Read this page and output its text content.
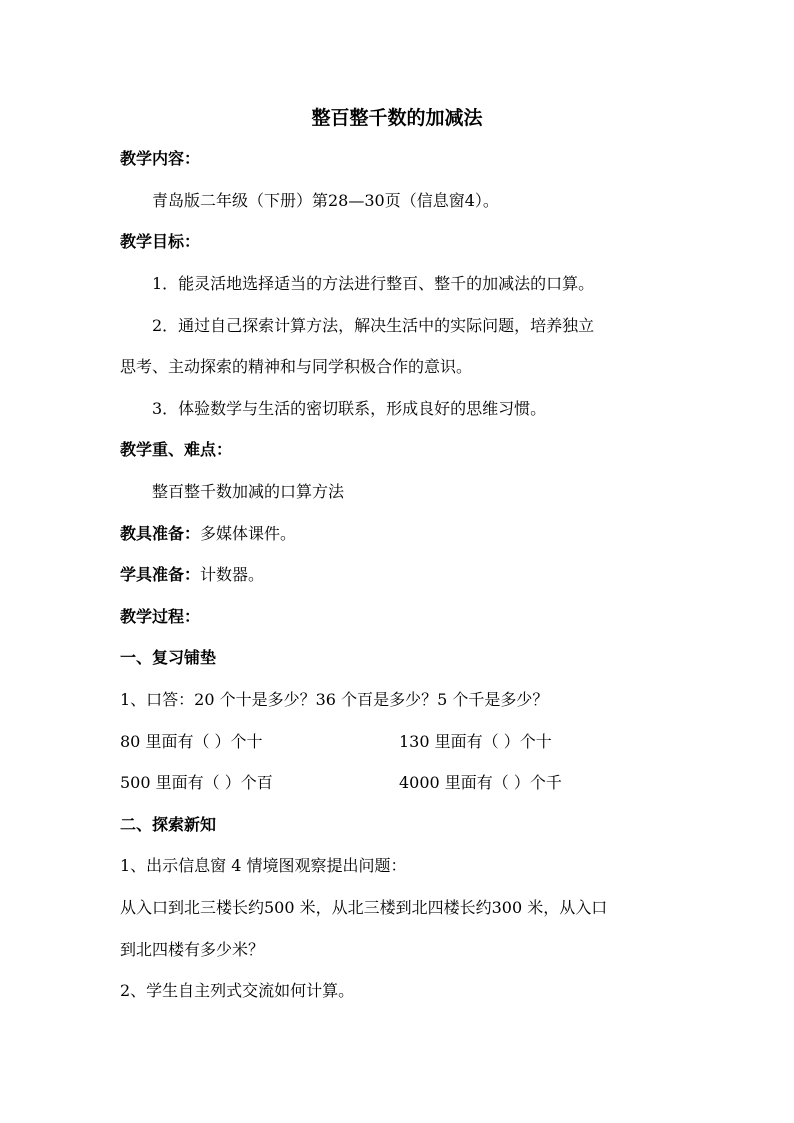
整百整千数的加减法
教学内容：
青岛版二年级（下册）第28—30页（信息窗4）。
教学目标：
1．能灵活地选择适当的方法进行整百、整千的加减法的口算。
2．通过自己探索计算方法，解决生活中的实际问题，培养独立
思考、主动探索的精神和与同学积极合作的意识。
3．体验数学与生活的密切联系，形成良好的思维习惯。
教学重、难点：
整百整千数加减的口算方法
教具准备：多媒体课件。
学具准备：计数器。
教学过程：
一、复习铺垫
1、口答：20 个十是多少？36 个百是多少？5 个千是多少？
80 里面有（ ）个十	130 里面有（ ）个十
500 里面有（ ）个百	4000 里面有（ ）个千
二、探索新知
1、出示信息窗 4 情境图观察提出问题：
从入口到北三楼长约500 米，从北三楼到北四楼长约300 米，从入口
到北四楼有多少米？
2、学生自主列式交流如何计算。
